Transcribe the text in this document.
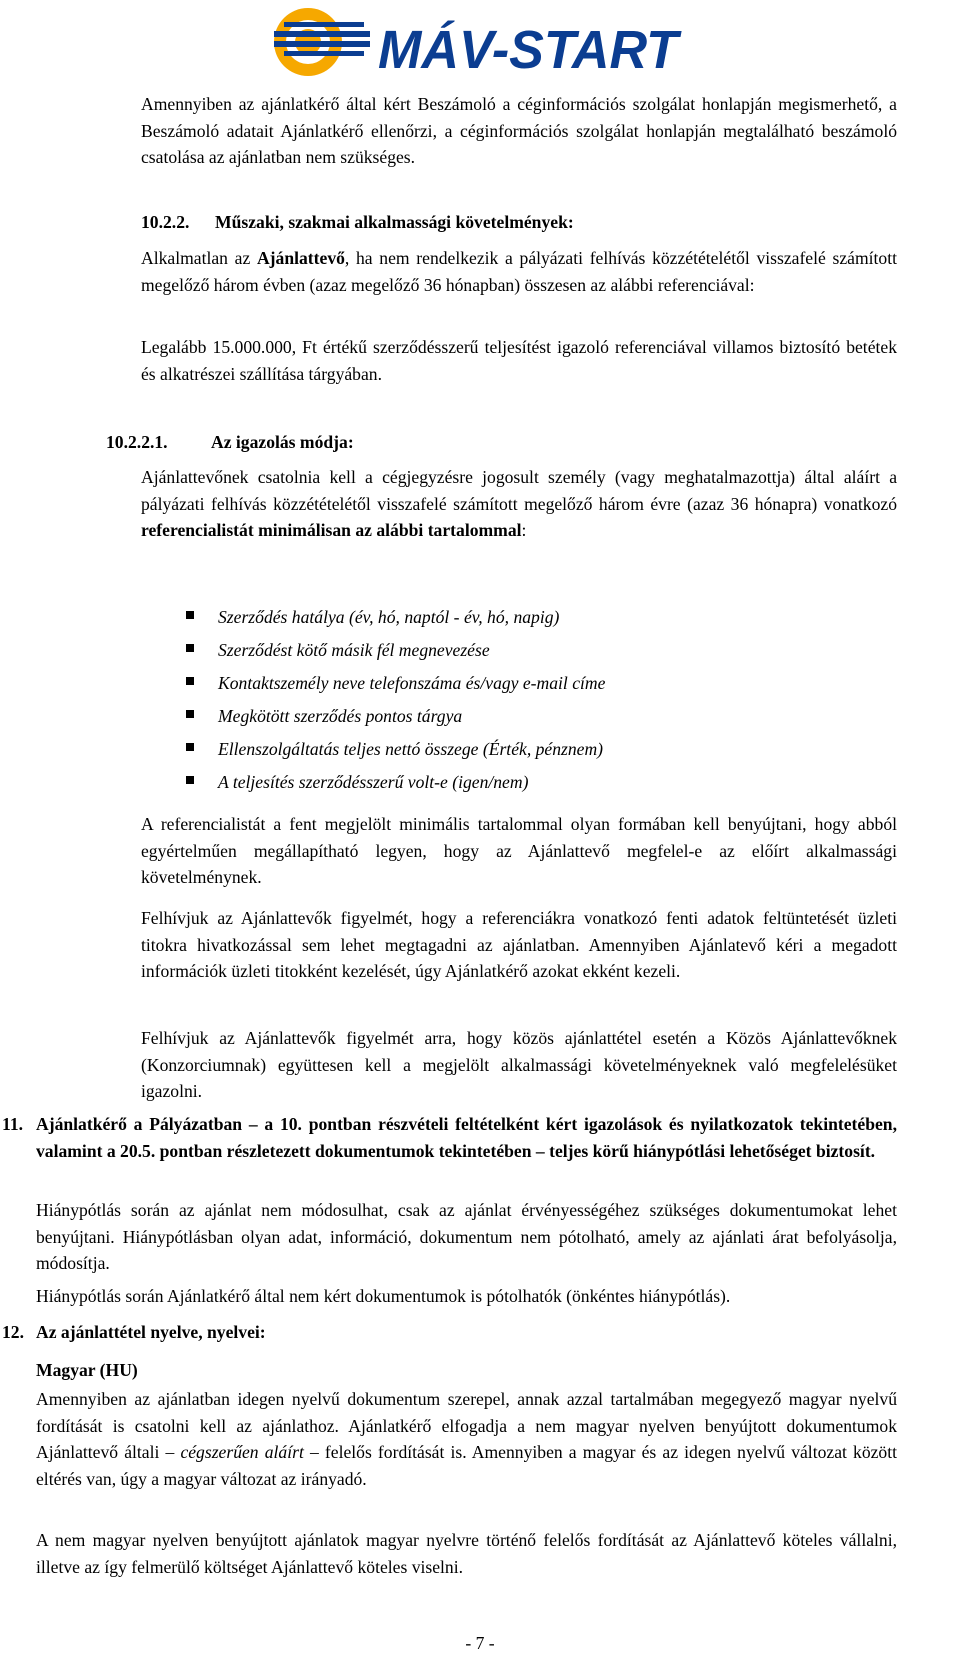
MÁV-START

Amennyiben az ajánlatkérő által kért Beszámoló a céginformációs szolgálat honlapján megismerhető, a Beszámoló adatait Ajánlatkérő ellenőrzi, a céginformációs szolgálat honlapján megtalálható beszámoló csatolása az ajánlatban nem szükséges.

10.2.2. Műszaki, szakmai alkalmassági követelmények:

Alkalmatlan az Ajánlattevő, ha nem rendelkezik a pályázati felhívás közzétételétől visszafelé számított megelőző három évben (azaz megelőző 36 hónapban) összesen az alábbi referenciával:

Legalább 15.000.000, Ft értékű szerződésszerű teljesítést igazoló referenciával villamos biztosító betétek és alkatrészei szállítása tárgyában.

10.2.2.1. Az igazolás módja:

Ajánlattevőnek csatolnia kell a cégjegyzésre jogosult személy (vagy meghatalmazottja) által aláírt a pályázati felhívás közzétételétől visszafelé számított megelőző három évre (azaz 36 hónapra) vonatkozó referencialistát minimálisan az alábbi tartalommal:

Szerződés hatálya (év, hó, naptól - év, hó, napig)
Szerződést kötő másik fél megnevezése
Kontaktszemély neve telefonszáma és/vagy e-mail címe
Megkötött szerződés pontos tárgya
Ellenszolgáltatás teljes nettó összege (Érték, pénznem)
A teljesítés szerződésszerű volt-e (igen/nem)

A referencialistát a fent megjelölt minimális tartalommal olyan formában kell benyújtani, hogy abból egyértelműen megállapítható legyen, hogy az Ajánlattevő megfelel-e az előírt alkalmassági követelménynek.

Felhívjuk az Ajánlattevők figyelmét, hogy a referenciákra vonatkozó fenti adatok feltüntetését üzleti titokra hivatkozással sem lehet megtagadni az ajánlatban. Amennyiben Ajánlatevő kéri a megadott információk üzleti titokként kezelését, úgy Ajánlatkérő azokat ekként kezeli.

Felhívjuk az Ajánlattevők figyelmét arra, hogy közös ajánlattétel esetén a Közös Ajánlattevőknek (Konzorciumnak) együttesen kell a megjelölt alkalmassági követelményeknek való megfelelésüket igazolni.

11. Ajánlatkérő a Pályázatban – a 10. pontban részvételi feltételként kért igazolások és nyilatkozatok tekintetében, valamint a 20.5. pontban részletezett dokumentumok tekintetében – teljes körű hiánypótlási lehetőséget biztosít.

Hiánypótlás során az ajánlat nem módosulhat, csak az ajánlat érvényességéhez szükséges dokumentumokat lehet benyújtani. Hiánypótlásban olyan adat, információ, dokumentum nem pótolható, amely az ajánlati árat befolyásolja, módosítja.

Hiánypótlás során Ajánlatkérő által nem kért dokumentumok is pótolhatók (önkéntes hiánypótlás).

12. Az ajánlattétel nyelve, nyelvei:
Magyar (HU)

Amennyiben az ajánlatban idegen nyelvű dokumentum szerepel, annak azzal tartalmában megegyező magyar nyelvű fordítását is csatolni kell az ajánlathoz. Ajánlatkérő elfogadja a nem magyar nyelven benyújtott dokumentumok Ajánlattevő általi – cégszerűen aláírt – felelős fordítását is. Amennyiben a magyar és az idegen nyelvű változat között eltérés van, úgy a magyar változat az irányadó.

A nem magyar nyelven benyújtott ajánlatok magyar nyelvre történő felelős fordítását az Ajánlattevő köteles vállalni, illetve az így felmerülő költséget Ajánlattevő köteles viselni.

- 7 -
